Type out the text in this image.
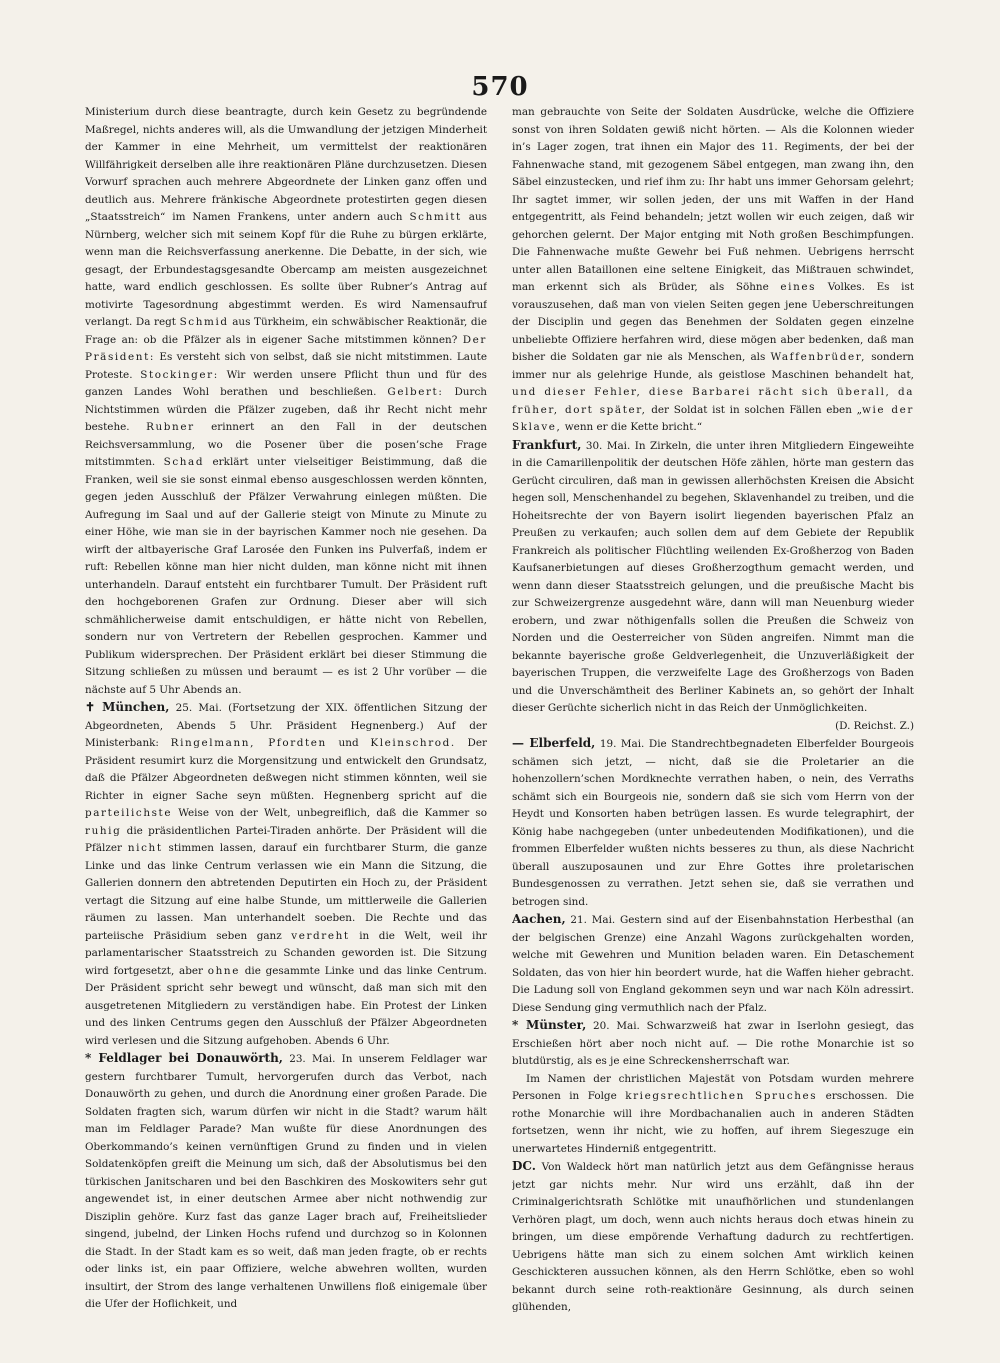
570

Ministerium durch diese beantragte, durch kein Gesetz zu begründende Maßregel, nichts anderes will, als die Umwandlung der jetzigen Minderheit der Kammer in eine Mehrheit, um vermittelst der reaktionären Willfährigkeit derselben alle ihre reaktionären Pläne durchzusetzen. Diesen Vorwurf sprachen auch mehrere Abgeordnete der Linken ganz offen und deutlich aus. Mehrere fränkische Abgeordnete protestirten gegen diesen „Staatsstreich“ im Namen Frankens, unter andern auch Schmitt aus Nürnberg, welcher sich mit seinem Kopf für die Ruhe zu bürgen erklärte, wenn man die Reichsverfassung anerkenne. Die Debatte, in der sich, wie gesagt, der Erbundestagsgesandte Obercamp am meisten ausgezeichnet hatte, ward endlich geschlossen. Es sollte über Rubner’s Antrag auf motivirte Tagesordnung abgestimmt werden. Es wird Namensaufruf verlangt. Da regt Schmid aus Türkheim, ein schwäbischer Reaktionär, die Frage an: ob die Pfälzer als in eigener Sache mitstimmen können? Der Präsident: Es versteht sich von selbst, daß sie nicht mitstimmen. Laute Proteste. Stockinger: Wir werden unsere Pflicht thun und für des ganzen Landes Wohl berathen und beschließen. Gelbert: Durch Nichtstimmen würden die Pfälzer zugeben, daß ihr Recht nicht mehr bestehe. Rubner erinnert an den Fall in der deutschen Reichsversammlung, wo die Posener über die posen’sche Frage mitstimmten. Schad erklärt unter vielseitiger Beistimmung, daß die Franken, weil sie sie sonst einmal ebenso ausgeschlossen werden könnten, gegen jeden Ausschluß der Pfälzer Verwahrung einlegen müßten. Die Aufregung im Saal und auf der Gallerie steigt von Minute zu Minute zu einer Höhe, wie man sie in der bayrischen Kammer noch nie gesehen. Da wirft der altbayerische Graf Larosée den Funken ins Pulverfaß, indem er ruft: Rebellen könne man hier nicht dulden, man könne nicht mit ihnen unterhandeln. Darauf entsteht ein furchtbarer Tumult. Der Präsident ruft den hochgeborenen Grafen zur Ordnung. Dieser aber will sich schmählicherweise damit entschuldigen, er hätte nicht von Rebellen, sondern nur von Vertretern der Rebellen gesprochen. Kammer und Publikum widersprechen. Der Präsident erklärt bei dieser Stimmung die Sitzung schließen zu müssen und beraumt — es ist 2 Uhr vorüber — die nächste auf 5 Uhr Abends an.

✝ München, 25. Mai. (Fortsetzung der XIX. öffentlichen Sitzung der Abgeordneten, Abends 5 Uhr. Präsident Hegnenberg.) Auf der Ministerbank: Ringelmann, Pfordten und Kleinschrod. Der Präsident resumirt kurz die Morgensitzung und entwickelt den Grundsatz, daß die Pfälzer Abgeordneten deßwegen nicht stimmen könnten, weil sie Richter in eigner Sache seyn müßten. Hegnenberg spricht auf die parteilichste Weise von der Welt, unbegreiflich, daß die Kammer so ruhig die präsidentlichen Partei-Tiraden anhörte. Der Präsident will die Pfälzer nicht stimmen lassen, darauf ein furchtbarer Sturm, die ganze Linke und das linke Centrum verlassen wie ein Mann die Sitzung, die Gallerien donnern den abtretenden Deputirten ein Hoch zu, der Präsident vertagt die Sitzung auf eine halbe Stunde, um mittlerweile die Gallerien räumen zu lassen. Man unterhandelt soeben. Die Rechte und das parteiische Präsidium seben ganz verdreht in die Welt, weil ihr parlamentarischer Staatsstreich zu Schanden geworden ist. Die Sitzung wird fortgesetzt, aber ohne die gesammte Linke und das linke Centrum. Der Präsident spricht sehr bewegt und wünscht, daß man sich mit den ausgetretenen Mitgliedern zu verständigen habe. Ein Protest der Linken und des linken Centrums gegen den Ausschluß der Pfälzer Abgeordneten wird verlesen und die Sitzung aufgehoben. Abends 6 Uhr.

* Feldlager bei Donauwörth, 23. Mai. In unserem Feldlager war gestern furchtbarer Tumult, hervorgerufen durch das Verbot, nach Donauwörth zu gehen, und durch die Anordnung einer großen Parade. Die Soldaten fragten sich, warum dürfen wir nicht in die Stadt? warum hält man im Feldlager Parade? Man wußte für diese Anordnungen des Oberkommando’s keinen vernünftigen Grund zu finden und in vielen Soldatenköpfen greift die Meinung um sich, daß der Absolutismus bei den türkischen Janitscharen und bei den Baschkiren des Moskowiters sehr gut angewendet ist, in einer deutschen Armee aber nicht nothwendig zur Disziplin gehöre. Kurz fast das ganze Lager brach auf, Freiheitslieder singend, jubelnd, der Linken Hochs rufend und durchzog so in Kolonnen die Stadt. In der Stadt kam es so weit, daß man jeden fragte, ob er rechts oder links ist, ein paar Offiziere, welche abwehren wollten, wurden insultirt, der Strom des lange verhaltenen Unwillens floß einigemale über die Ufer der Hoflichkeit, und

man gebrauchte von Seite der Soldaten Ausdrücke, welche die Offiziere sonst von ihren Soldaten gewiß nicht hörten. — Als die Kolonnen wieder in’s Lager zogen, trat ihnen ein Major des 11. Regiments, der bei der Fahnenwache stand, mit gezogenem Säbel entgegen, man zwang ihn, den Säbel einzustecken, und rief ihm zu: Ihr habt uns immer Gehorsam gelehrt; Ihr sagtet immer, wir sollen jeden, der uns mit Waffen in der Hand entgegentritt, als Feind behandeln; jetzt wollen wir euch zeigen, daß wir gehorchen gelernt. Der Major entging mit Noth großen Beschimpfungen. Die Fahnenwache mußte Gewehr bei Fuß nehmen. Uebrigens herrscht unter allen Bataillonen eine seltene Einigkeit, das Mißtrauen schwindet, man erkennt sich als Brüder, als Söhne eines Volkes. Es ist vorauszusehen, daß man von vielen Seiten gegen jene Ueberschreitungen der Disciplin und gegen das Benehmen der Soldaten gegen einzelne unbeliebte Offiziere herfahren wird, diese mögen aber bedenken, daß man bisher die Soldaten gar nie als Menschen, als Waffenbrüder, sondern immer nur als gelehrige Hunde, als geistlose Maschinen behandelt hat, und dieser Fehler, diese Barbarei rächt sich überall, da früher, dort später, der Soldat ist in solchen Fällen eben „wie der Sklave, wenn er die Kette bricht.“

Frankfurt, 30. Mai. In Zirkeln, die unter ihren Mitgliedern Eingeweihte in die Camarillenpolitik der deutschen Höfe zählen, hörte man gestern das Gerücht circuliren, daß man in gewissen allerhöchsten Kreisen die Absicht hegen soll, Menschenhandel zu begehen, Sklavenhandel zu treiben, und die Hoheitsrechte der von Bayern isolirt liegenden bayerischen Pfalz an Preußen zu verkaufen; auch sollen dem auf dem Gebiete der Republik Frankreich als politischer Flüchtling weilenden Ex-Großherzog von Baden Kaufsanerbietungen auf dieses Großherzogthum gemacht werden, und wenn dann dieser Staatsstreich gelungen, und die preußische Macht bis zur Schweizergrenze ausgedehnt wäre, dann will man Neuenburg wieder erobern, und zwar nöthigenfalls sollen die Preußen die Schweiz von Norden und die Oesterreicher von Süden angreifen. Nimmt man die bekannte bayerische große Geldverlegenheit, die Unzuverläßigkeit der bayerischen Truppen, die verzweifelte Lage des Großherzogs von Baden und die Unverschämtheit des Berliner Kabinets an, so gehört der Inhalt dieser Gerüchte sicherlich nicht in das Reich der Unmöglichkeiten.
(D. Reichst. Z.)

— Elberfeld, 19. Mai. Die Standrechtbegnadeten Elberfelder Bourgeois schämen sich jetzt, — nicht, daß sie die Proletarier an die hohenzollern’schen Mordknechte verrathen haben, o nein, des Verraths schämt sich ein Bourgeois nie, sondern daß sie sich vom Herrn von der Heydt und Konsorten haben betrügen lassen. Es wurde telegraphirt, der König habe nachgegeben (unter unbedeutenden Modifikationen), und die frommen Elberfelder wußten nichts besseres zu thun, als diese Nachricht überall auszuposaunen und zur Ehre Gottes ihre proletarischen Bundesgenossen zu verrathen. Jetzt sehen sie, daß sie verrathen und betrogen sind.

Aachen, 21. Mai. Gestern sind auf der Eisenbahnstation Herbesthal (an der belgischen Grenze) eine Anzahl Wagons zurückgehalten worden, welche mit Gewehren und Munition beladen waren. Ein Detaschement Soldaten, das von hier hin beordert wurde, hat die Waffen hieher gebracht. Die Ladung soll von England gekommen seyn und war nach Köln adressirt. Diese Sendung ging vermuthlich nach der Pfalz.

* Münster, 20. Mai. Schwarzweiß hat zwar in Iserlohn gesiegt, das Erschießen hört aber noch nicht auf. — Die rothe Monarchie ist so blutdürstig, als es je eine Schreckensherrschaft war.

Im Namen der christlichen Majestät von Potsdam wurden mehrere Personen in Folge kriegsrechtlichen Spruches erschossen. Die rothe Monarchie will ihre Mordbachanalien auch in anderen Städten fortsetzen, wenn ihr nicht, wie zu hoffen, auf ihrem Siegeszuge ein unerwartetes Hinderniß entgegentritt.

DC. Von Waldeck hört man natürlich jetzt aus dem Gefängnisse heraus jetzt gar nichts mehr. Nur wird uns erzählt, daß ihn der Criminalgerichtsrath Schlötke mit unaufhörlichen und stundenlangen Verhören plagt, um doch, wenn auch nichts heraus doch etwas hinein zu bringen, um diese empörende Verhaftung dadurch zu rechtfertigen. Uebrigens hätte man sich zu einem solchen Amt wirklich keinen Geschickteren aussuchen können, als den Herrn Schlötke, eben so wohl bekannt durch seine roth-reaktionäre Gesinnung, als durch seinen glühenden,
